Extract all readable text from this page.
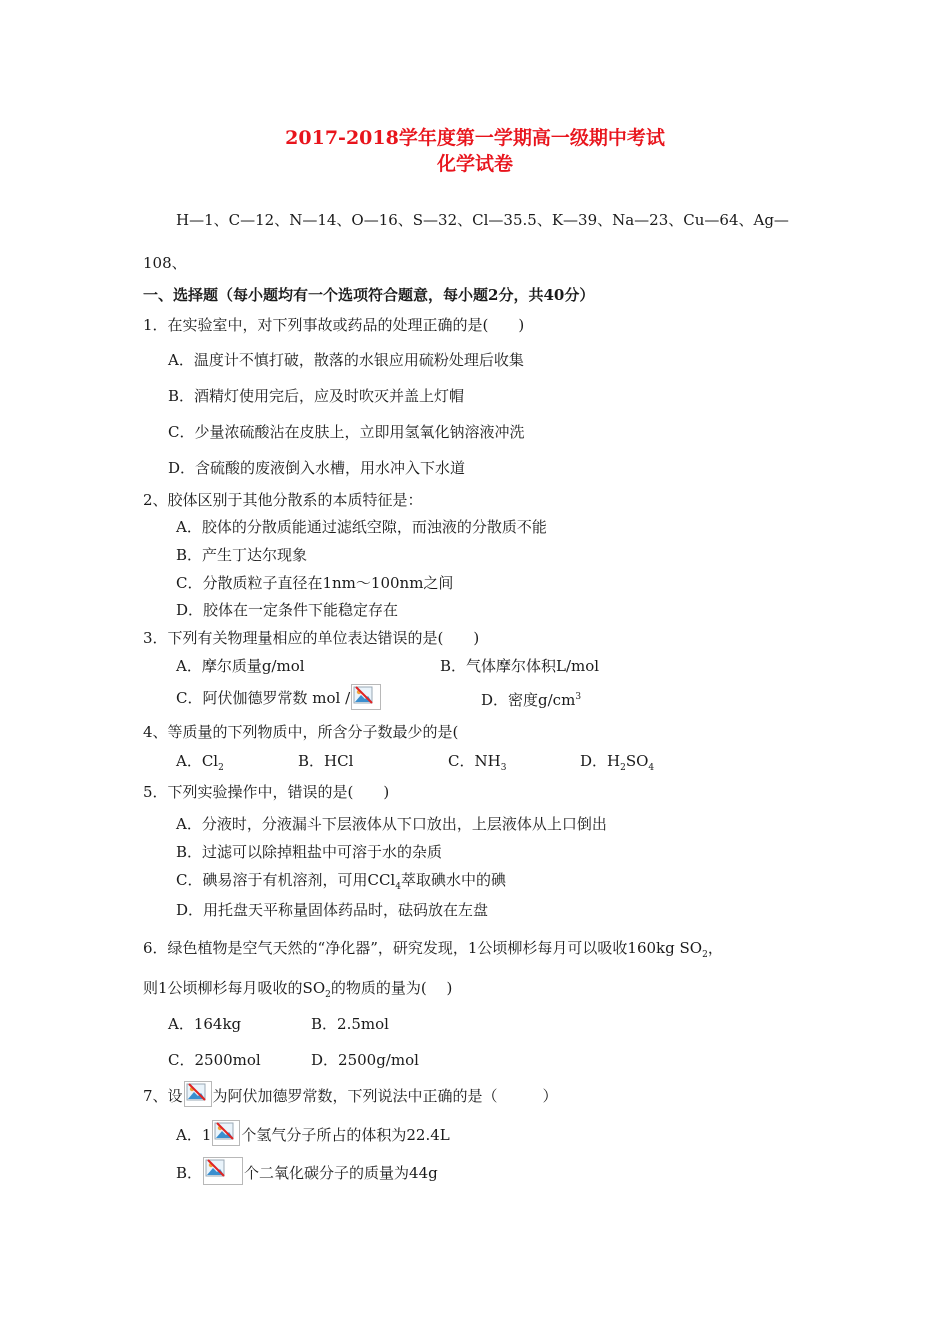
2017-2018学年度第一学期高一级期中考试
化学试卷
H—1、C—12、N—14、O—16、S—32、Cl—35.5、K—39、Na—23、Cu—64、Ag—
108、
一、选择题（每小题均有一个选项符合题意，每小题2分，共40分）
1．在实验室中，对下列事故或药品的处理正确的是(　　)
A．温度计不慎打破，散落的水银应用硫粉处理后收集
B．酒精灯使用完后，应及时吹灭并盖上灯帽
C．少量浓硫酸沾在皮肤上，立即用氢氧化钠溶液冲洗
D．含硫酸的废液倒入水槽，用水冲入下水道
2、胶体区别于其他分散系的本质特征是：
A．胶体的分散质能通过滤纸空隙，而浊液的分散质不能
B．产生丁达尔现象
C．分散质粒子直径在1nm～100nm之间
D．胶体在一定条件下能稳定存在
3．下列有关物理量相应的单位表达错误的是(　　)
A．摩尔质量g/mol	B．气体摩尔体积L/mol
C．阿伏伽德罗常数 mol /	D．密度$g/cm^3$
4、等质量的下列物质中，所含分子数最少的是(
A．$Cl_2$	B．HCl	C．$NH_3$	D．$H_2SO_4$
5．下列实验操作中，错误的是(　　)
A．分液时，分液漏斗下层液体从下口放出，上层液体从上口倒出
B．过滤可以除掉粗盐中可溶于水的杂质
C．碘易溶于有机溶剂，可用CCl$_4$萃取碘水中的碘
D．用托盘天平称量固体药品时，砝码放在左盘
6．绿色植物是空气天然的“净化器”，研究发现，1公顷柳杉每月可以吸收160kg $SO_2$，
则1公顷柳杉每月吸收的$SO_2$的物质的量为(　 )
A．164kg	B．2.5mol
C．2500mol	D．2500g/mol
7、设 为阿伏加德罗常数，下列说法中正确的是（　　　）
A．1 个氢气分子所占的体积为22.4L
B．	个二氧化碳分子的质量为44g
